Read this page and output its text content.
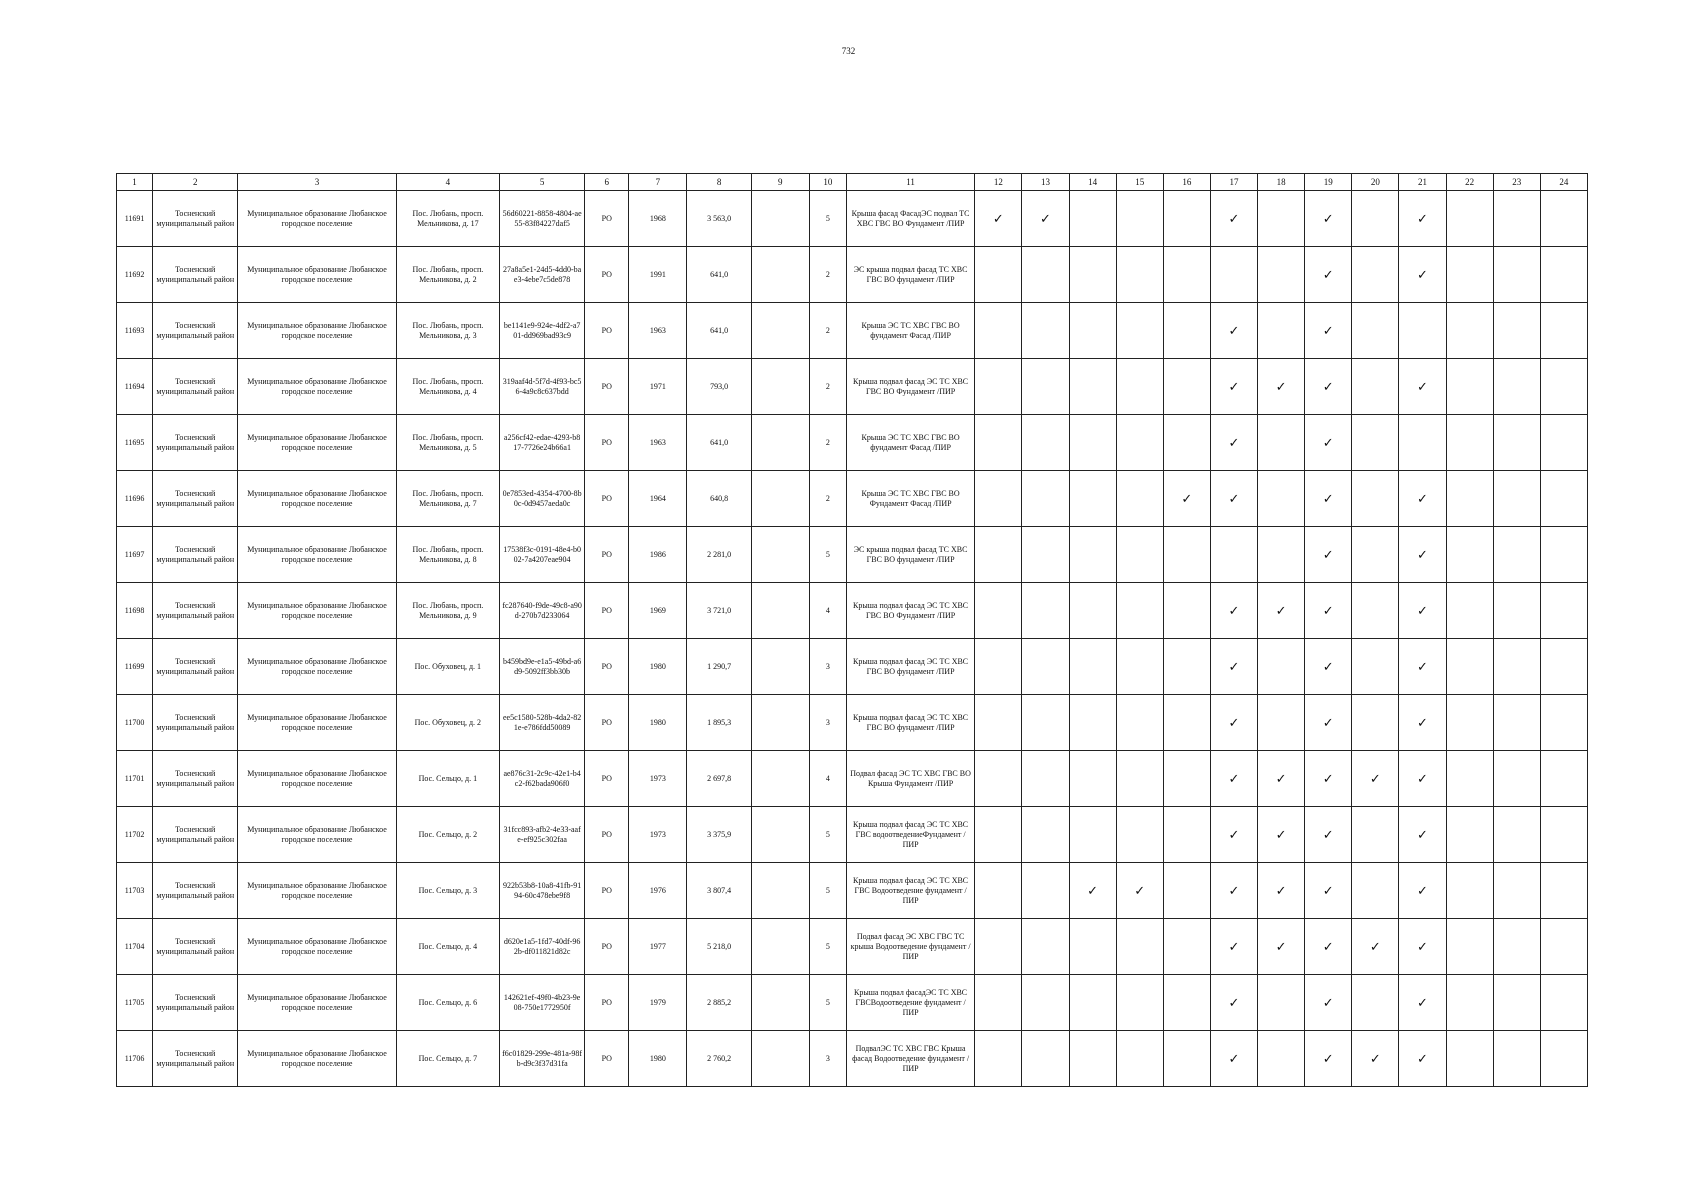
732
1	2	3	4	5	6	7	8	9	10	11	12	13	14	15	16	17	18	19	20	21	22	23	24
11691	Тосненский муниципальный район	Муниципальное образование Любанское городское поселение	Пос. Любань, просп. Мельникова, д. 17	56d60221-8858-4804-ae55-83f84227daf5	РО	1968	3 563,0		5	Крыша фасад ФасадЭС подвал ТС ХВС ГВС ВО Фундамент /ПИР	✓	✓				✓		✓		✓			
11692	Тосненский муниципальный район	Муниципальное образование Любанское городское поселение	Пос. Любань, просп. Мельникова, д. 2	27a8a5e1-24d5-4dd0-bae3-4ebe7c5de878	РО	1991	641,0		2	ЭС крыша подвал фасад ТС ХВС ГВС ВО фундамент /ПИР								✓		✓			
11693	Тосненский муниципальный район	Муниципальное образование Любанское городское поселение	Пос. Любань, просп. Мельникова, д. 3	be1141e9-924e-4df2-a701-dd969bad93c9	РО	1963	641,0		2	Крыша ЭС ТС ХВС ГВС ВО фундамент Фасад /ПИР						✓		✓					
11694	Тосненский муниципальный район	Муниципальное образование Любанское городское поселение	Пос. Любань, просп. Мельникова, д. 4	319aaf4d-5f7d-4f93-bc56-4a9c8c637bdd	РО	1971	793,0		2	Крыша подвал фасад ЭС ТС ХВС ГВС ВО Фундамент /ПИР						✓	✓	✓		✓			
11695	Тосненский муниципальный район	Муниципальное образование Любанское городское поселение	Пос. Любань, просп. Мельникова, д. 5	a256cf42-edae-4293-b817-7726e24b66a1	РО	1963	641,0		2	Крыша ЭС ТС ХВС ГВС ВО фундамент Фасад /ПИР						✓		✓					
11696	Тосненский муниципальный район	Муниципальное образование Любанское городское поселение	Пос. Любань, просп. Мельникова, д. 7	0e7853ed-4354-4700-8b0c-0d9457aeda0c	РО	1964	640,8		2	Крыша ЭС ТС ХВС ГВС ВО Фундамент Фасад /ПИР					✓	✓		✓		✓			
11697	Тосненский муниципальный район	Муниципальное образование Любанское городское поселение	Пос. Любань, просп. Мельникова, д. 8	17538f3c-0191-48e4-b002-7a4207eae904	РО	1986	2 281,0		5	ЭС крыша подвал фасад ТС ХВС ГВС ВО фундамент /ПИР								✓		✓			
11698	Тосненский муниципальный район	Муниципальное образование Любанское городское поселение	Пос. Любань, просп. Мельникова, д. 9	fc287640-f9de-49c8-a90d-270b7d233064	РО	1969	3 721,0		4	Крыша подвал фасад ЭС ТС ХВС ГВС ВО Фундамент /ПИР						✓	✓	✓		✓			
11699	Тосненский муниципальный район	Муниципальное образование Любанское городское поселение	Пос. Обуховец, д. 1	b459bd9e-e1a5-49bd-a6d9-5092ff3bb30b	РО	1980	1 290,7		3	Крыша подвал фасад ЭС ТС ХВС ГВС ВО фундамент /ПИР						✓		✓		✓			
11700	Тосненский муниципальный район	Муниципальное образование Любанское городское поселение	Пос. Обуховец, д. 2	ee5c1580-528b-4da2-821e-e786fdd50089	РО	1980	1 895,3		3	Крыша подвал фасад ЭС ТС ХВС ГВС ВО фундамент /ПИР						✓		✓		✓			
11701	Тосненский муниципальный район	Муниципальное образование Любанское городское поселение	Пос. Сельцо, д. 1	ae876c31-2c9c-42e1-b4c2-f62bada906f0	РО	1973	2 697,8		4	Подвал фасад ЭС ТС ХВС ГВС ВО Крыша Фундамент /ПИР						✓	✓	✓	✓	✓			
11702	Тосненский муниципальный район	Муниципальное образование Любанское городское поселение	Пос. Сельцо, д. 2	31fcc893-afb2-4e33-aafe-ef925c302faa	РО	1973	3 375,9		5	Крыша подвал фасад ЭС ТС ХВС ГВС водоотведениеФундамент /ПИР						✓	✓	✓		✓			
11703	Тосненский муниципальный район	Муниципальное образование Любанское городское поселение	Пос. Сельцо, д. 3	922b53b8-10a8-41fb-9194-60c478ebe9f8	РО	1976	3 807,4		5	Крыша подвал фасад ЭС ТС ХВС ГВС Водоотведение фундамент /ПИР			✓	✓		✓	✓	✓		✓			
11704	Тосненский муниципальный район	Муниципальное образование Любанское городское поселение	Пос. Сельцо, д. 4	d620e1a5-1fd7-40df-962b-df011821d82c	РО	1977	5 218,0		5	Подвал фасад ЭС ХВС ГВС ТС крыша Водоотведение фундамент /ПИР						✓	✓	✓	✓	✓			
11705	Тосненский муниципальный район	Муниципальное образование Любанское городское поселение	Пос. Сельцо, д. 6	142621ef-49f0-4b23-9e08-750e1772950f	РО	1979	2 885,2		5	Крыша подвал фасадЭС ТС ХВС ГВСВодоотведение фундамент /ПИР						✓		✓		✓			
11706	Тосненский муниципальный район	Муниципальное образование Любанское городское поселение	Пос. Сельцо, д. 7	f6c01829-299e-481a-98fb-d9c3f37d31fa	РО	1980	2 760,2		3	ПодвалЭС ТС ХВС ГВС Крыша фасад Водоотведение фундамент /ПИР						✓		✓	✓	✓			
